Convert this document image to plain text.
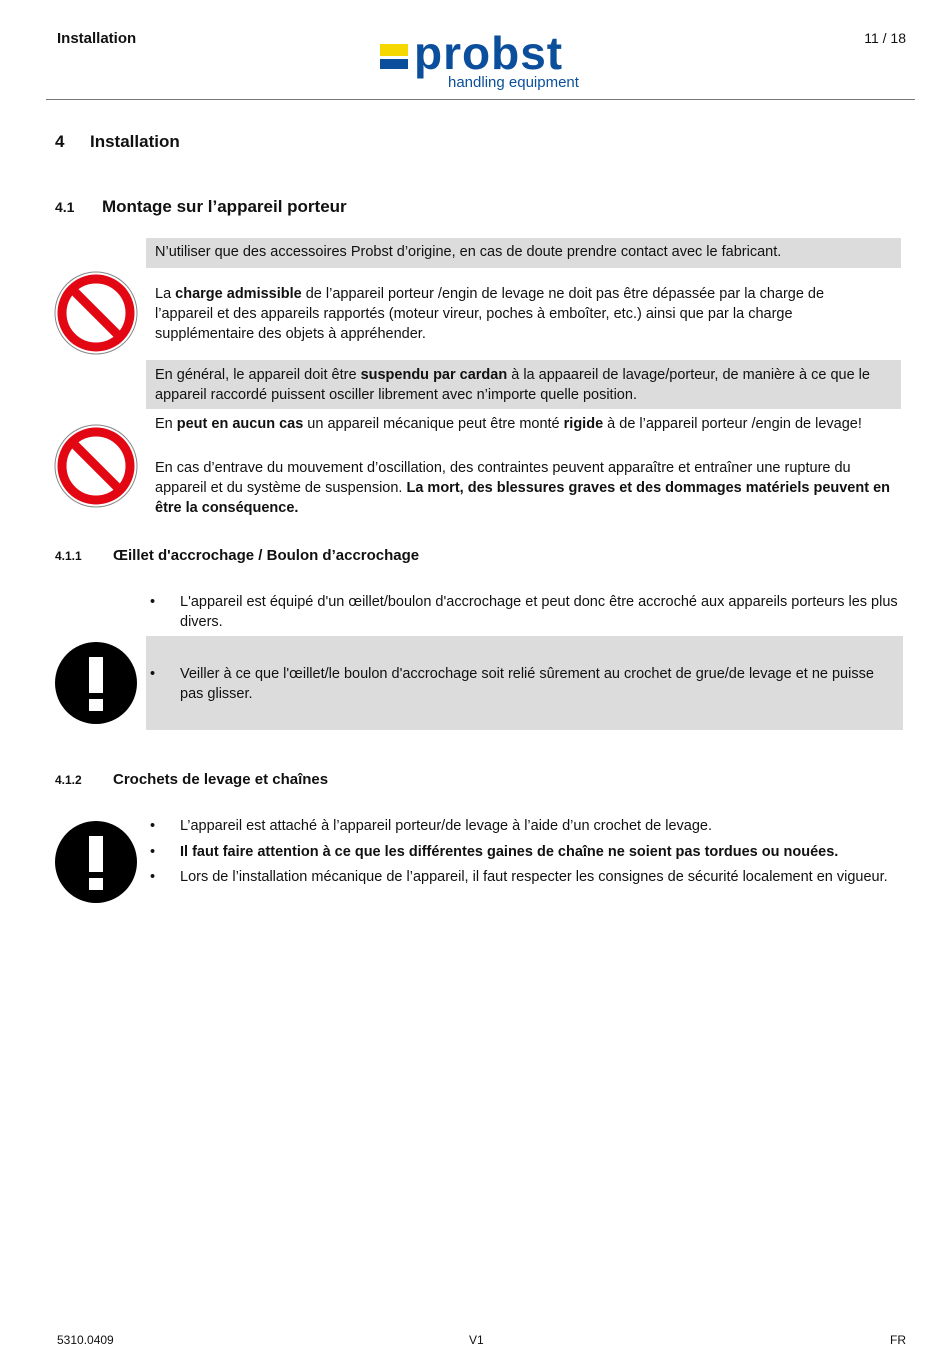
Installation	probst
handling equipment
11 / 18
4 Installation
4.1 Montage sur l’appareil porteur
N’utiliser que des accessoires Probst d’origine, en cas de doute prendre contact avec le fabricant.
La charge admissible de l’appareil porteur /engin de levage ne doit pas être dépassée par la charge de l’appareil et des appareils rapportés (moteur vireur, poches à emboîter, etc.) ainsi que par la charge supplémentaire des objets à appréhender.
En général, le appareil doit être suspendu par cardan à la appaareil de lavage/porteur, de manière à ce que le appareil raccordé puissent osciller librement avec n’importe quelle position.
En peut en aucun cas un appareil mécanique peut être monté rigide à de l’appareil porteur /engin de levage!
En cas d’entrave du mouvement d’oscillation, des contraintes peuvent apparaître et entraîner une rupture du appareil et du système de suspension. La mort, des blessures graves et des dommages matériels peuvent en être la conséquence.
4.1.1 Œillet d'accrochage / Boulon d’accrochage
• L'appareil est équipé d'un œillet/boulon d'accrochage et peut donc être accroché aux appareils porteurs les plus divers.
• Veiller à ce que l'œillet/le boulon d'accrochage soit relié sûrement au crochet de grue/de levage et ne puisse pas glisser.
4.1.2 Crochets de levage et chaînes
• L’appareil est attaché à l’appareil porteur/de levage à l’aide d’un crochet de levage.
• Il faut faire attention à ce que les différentes gaines de chaîne ne soient pas tordues ou nouées.
• Lors de l’installation mécanique de l’appareil, il faut respecter les consignes de sécurité localement en vigueur.
5310.0409	V1	FR
